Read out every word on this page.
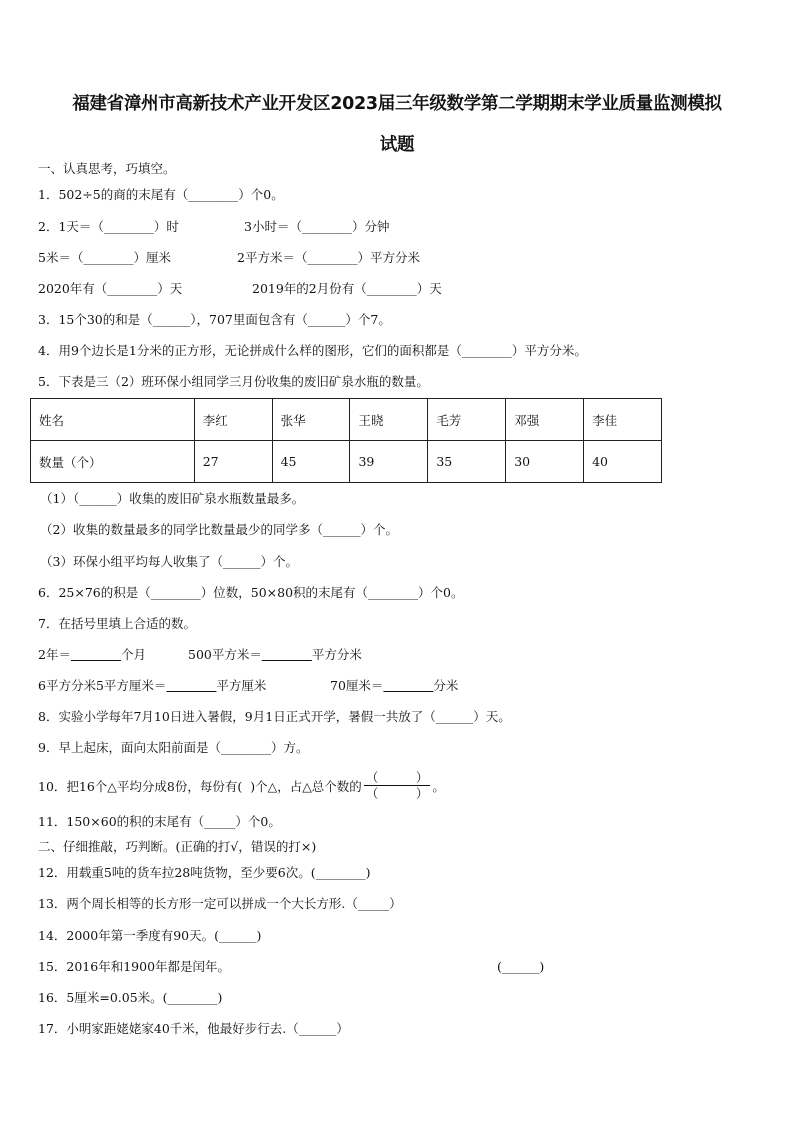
福建省漳州市高新技术产业开发区2023届三年级数学第二学期期末学业质量监测模拟
试题
一、认真思考，巧填空。
1．502÷5的商的末尾有（________）个0。
2．1天＝（________）时	3小时＝（________）分钟
5米＝（________）厘米	2平方米＝（________）平方分米
2020年有（________）天	2019年的2月份有（________）天
3．15个30的和是（______），707里面包含有（______）个7。
4．用9个边长是1分米的正方形，无论拼成什么样的图形，它们的面积都是（________）平方分米。
5．下表是三（2）班环保小组同学三月份收集的废旧矿泉水瓶的数量。
姓名	李红	张华	王晓	毛芳	邓强	李佳
数量（个）	27	45	39	35	30	40
（1）（______）收集的废旧矿泉水瓶数量最多。
（2）收集的数量最多的同学比数量最少的同学多（______）个。
（3）环保小组平均每人收集了（______）个。
6．25×76的积是（________）位数，50×80积的末尾有（________）个0。
7．在括号里填上合适的数。
2年＝　　　　	个月	500平方米＝　　　　	平方分米
6平方分米5平方厘米＝　　　　	平方厘米	70厘米＝　　　　	分米
8．实验小学每年7月10日进入暑假，9月1日正式开学，暑假一共放了（______）天。
9．早上起床，面向太阳前面是（________）方。
10．把16个△平均分成8份，每份有(  )个△，占△总个数的 $\frac{( )}{( )}$ 。
11．150×60的积的末尾有（_____）个0。
二、仔细推敲，巧判断。(正确的打√，错误的打×)
12．用载重5吨的货车拉28吨货物，至少要6次。(________)
13．两个周长相等的长方形一定可以拼成一个大长方形.（_____）
14．2000年第一季度有90天。(______)
15．2016年和1900年都是闰年。	(______)
16．5厘米=0.05米。(________)
17．小明家距姥姥家40千米，他最好步行去.（______）
